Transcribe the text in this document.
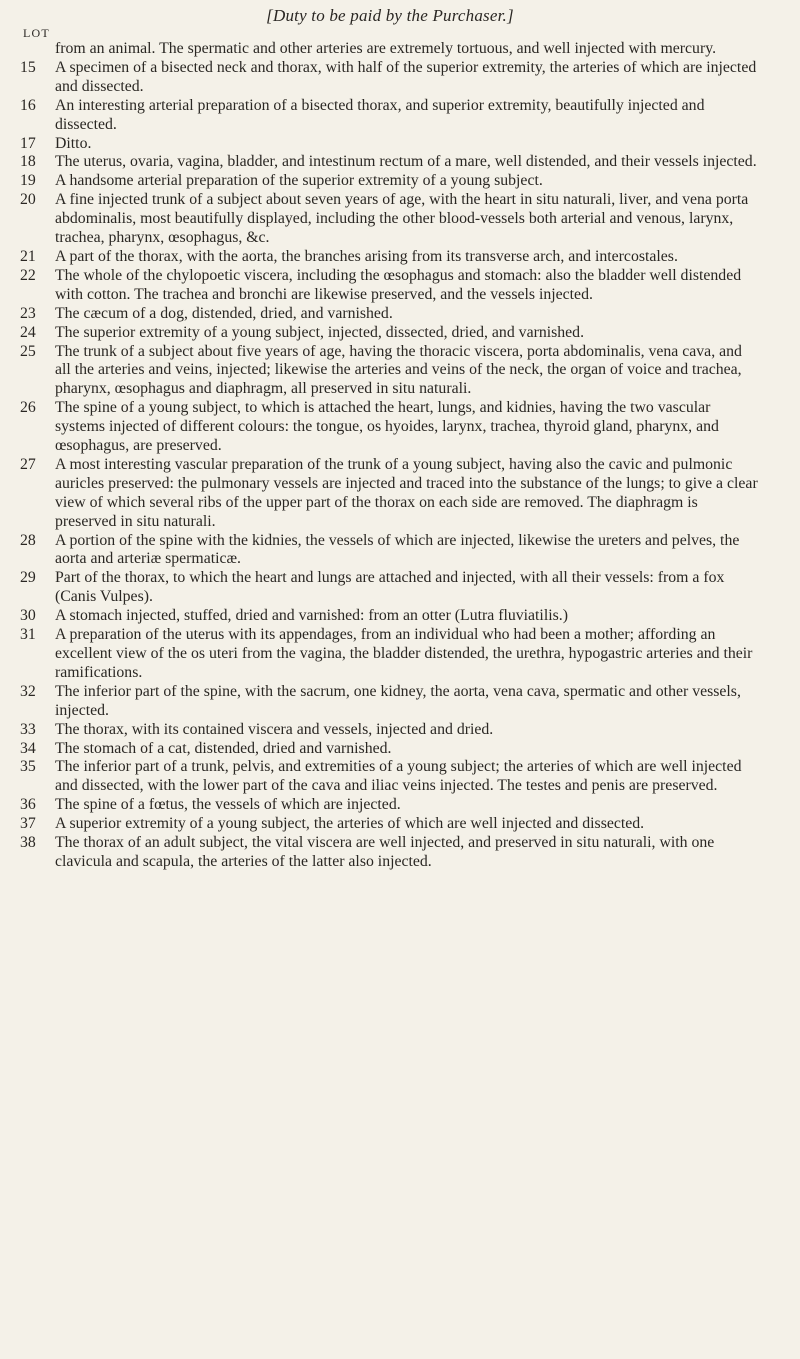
[Duty to be paid by the Purchaser.]

LOT

from an animal. The spermatic and other arteries are extremely tortuous, and well injected with mercury.
15	A specimen of a bisected neck and thorax, with half of the superior extremity, the arteries of which are injected and dissected.
16	An interesting arterial preparation of a bisected thorax, and superior extremity, beautifully injected and dissected.
17	Ditto.
18	The uterus, ovaria, vagina, bladder, and intestinum rectum of a mare, well distended, and their vessels injected.
19	A handsome arterial preparation of the superior extremity of a young subject.
20	A fine injected trunk of a subject about seven years of age, with the heart in situ naturali, liver, and vena porta abdominalis, most beautifully displayed, including the other blood-vessels both arterial and venous, larynx, trachea, pharynx, œsophagus, &c.
21	A part of the thorax, with the aorta, the branches arising from its transverse arch, and intercostales.
22	The whole of the chylopoetic viscera, including the œsophagus and stomach: also the bladder well distended with cotton. The trachea and bronchi are likewise preserved, and the vessels injected.
23	The cæcum of a dog, distended, dried, and varnished.
24	The superior extremity of a young subject, injected, dissected, dried, and varnished.
25	The trunk of a subject about five years of age, having the thoracic viscera, porta abdominalis, vena cava, and all the arteries and veins, injected; likewise the arteries and veins of the neck, the organ of voice and trachea, pharynx, œsophagus and diaphragm, all preserved in situ naturali.
26	The spine of a young subject, to which is attached the heart, lungs, and kidnies, having the two vascular systems injected of different colours: the tongue, os hyoides, larynx, trachea, thyroid gland, pharynx, and œsophagus, are preserved.
27	A most interesting vascular preparation of the trunk of a young subject, having also the cavic and pulmonic auricles preserved: the pulmonary vessels are injected and traced into the substance of the lungs; to give a clear view of which several ribs of the upper part of the thorax on each side are removed. The diaphragm is preserved in situ naturali.
28	A portion of the spine with the kidnies, the vessels of which are injected, likewise the ureters and pelves, the aorta and arteriæ spermaticæ.
29	Part of the thorax, to which the heart and lungs are attached and injected, with all their vessels: from a fox (Canis Vulpes).
30	A stomach injected, stuffed, dried and varnished: from an otter (Lutra fluviatilis.)
31	A preparation of the uterus with its appendages, from an individual who had been a mother; affording an excellent view of the os uteri from the vagina, the bladder distended, the urethra, hypogastric arteries and their ramifications.
32	The inferior part of the spine, with the sacrum, one kidney, the aorta, vena cava, spermatic and other vessels, injected.
33	The thorax, with its contained viscera and vessels, injected and dried.
34	The stomach of a cat, distended, dried and varnished.
35	The inferior part of a trunk, pelvis, and extremities of a young subject; the arteries of which are well injected and dissected, with the lower part of the cava and iliac veins injected. The testes and penis are preserved.
36	The spine of a fœtus, the vessels of which are injected.
37	A superior extremity of a young subject, the arteries of which are well injected and dissected.
38	The thorax of an adult subject, the vital viscera are well injected, and preserved in situ naturali, with one clavicula and scapula, the arteries of the latter also injected.
